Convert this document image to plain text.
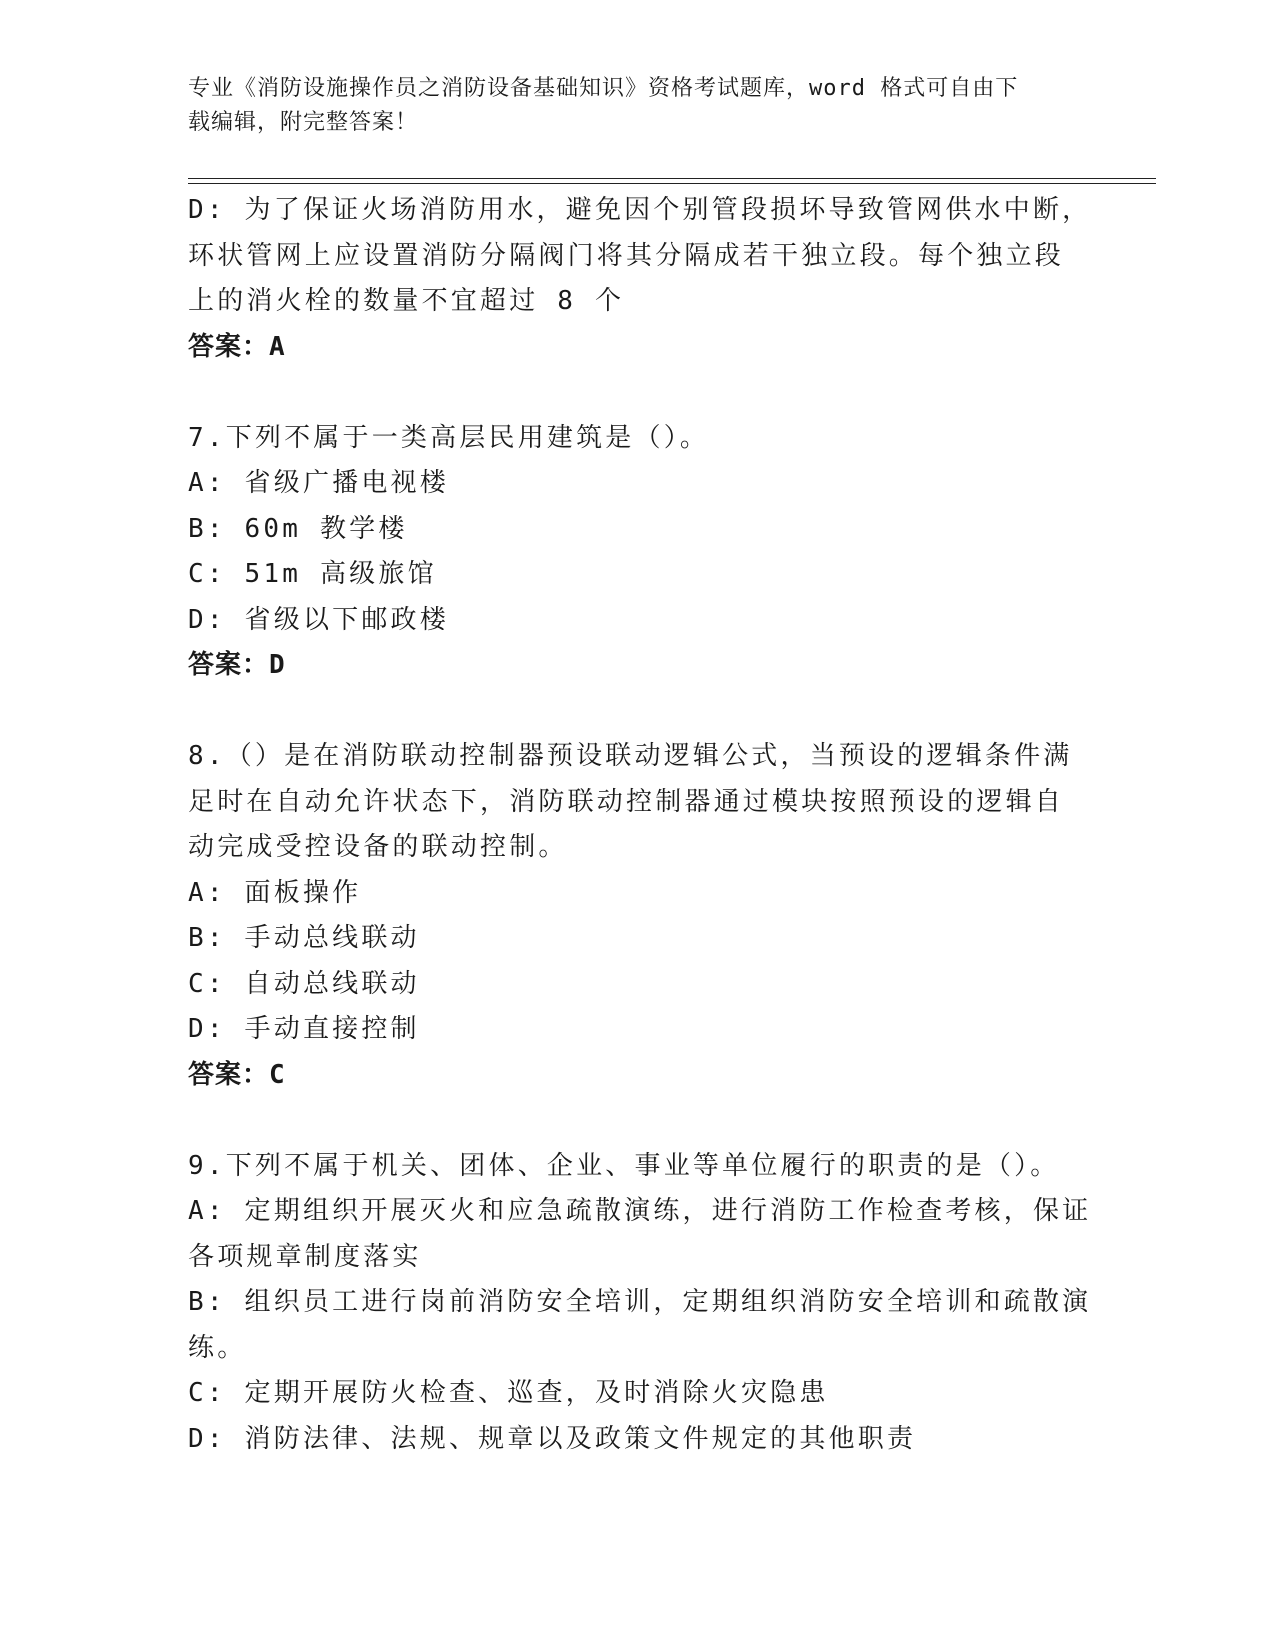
专业《消防设施操作员之消防设备基础知识》资格考试题库，word 格式可自由下
载编辑，附完整答案！
D: 为了保证火场消防用水，避免因个别管段损坏导致管网供水中断，
环状管网上应设置消防分隔阀门将其分隔成若干独立段。每个独立段
上的消火栓的数量不宜超过 8 个
答案：A
7.下列不属于一类高层民用建筑是（）。
A: 省级广播电视楼
B: 60m 教学楼
C: 51m 高级旅馆
D: 省级以下邮政楼
答案：D
8.（）是在消防联动控制器预设联动逻辑公式，当预设的逻辑条件满
足时在自动允许状态下，消防联动控制器通过模块按照预设的逻辑自
动完成受控设备的联动控制。
A: 面板操作
B: 手动总线联动
C: 自动总线联动
D: 手动直接控制
答案：C
9.下列不属于机关、团体、企业、事业等单位履行的职责的是（）。
A: 定期组织开展灭火和应急疏散演练，进行消防工作检查考核，保证
各项规章制度落实
B: 组织员工进行岗前消防安全培训，定期组织消防安全培训和疏散演
练。
C: 定期开展防火检查、巡查，及时消除火灾隐患
D: 消防法律、法规、规章以及政策文件规定的其他职责
